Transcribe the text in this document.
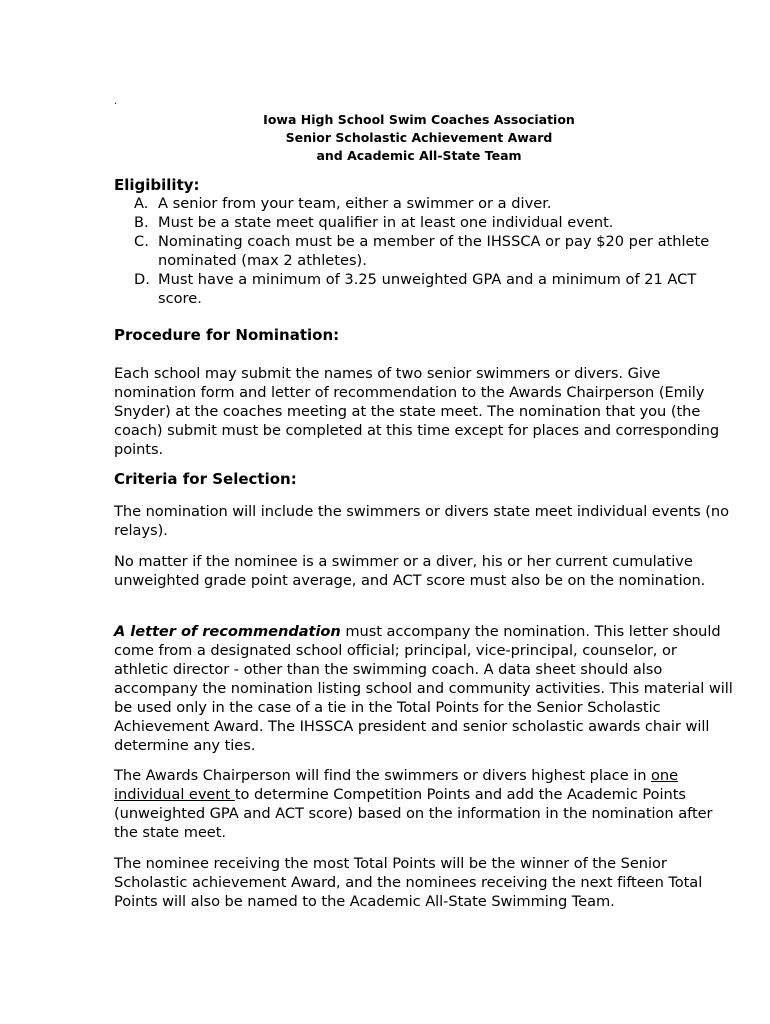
.
Iowa High School Swim Coaches Association
Senior Scholastic Achievement Award
and Academic All-State Team
Eligibility:
A. A senior from your team, either a swimmer or a diver.
B. Must be a state meet qualifier in at least one individual event.
C. Nominating coach must be a member of the IHSSCA or pay $20 per athlete nominated (max 2 athletes).
D. Must have a minimum of 3.25 unweighted GPA and a minimum of 21 ACT score.
Procedure for Nomination:
Each school may submit the names of two senior swimmers or divers. Give nomination form and letter of recommendation to the Awards Chairperson (Emily Snyder) at the coaches meeting at the state meet. The nomination that you (the coach) submit must be completed at this time except for places and corresponding points.
Criteria for Selection:
The nomination will include the swimmers or divers state meet individual events (no relays).
No matter if the nominee is a swimmer or a diver, his or her current cumulative unweighted grade point average, and ACT score must also be on the nomination.
A letter of recommendation must accompany the nomination. This letter should come from a designated school official; principal, vice-principal, counselor, or athletic director - other than the swimming coach. A data sheet should also accompany the nomination listing school and community activities. This material will be used only in the case of a tie in the Total Points for the Senior Scholastic Achievement Award. The IHSSCA president and senior scholastic awards chair will determine any ties.
The Awards Chairperson will find the swimmers or divers highest place in one individual event to determine Competition Points and add the Academic Points (unweighted GPA and ACT score) based on the information in the nomination after the state meet.
The nominee receiving the most Total Points will be the winner of the Senior Scholastic achievement Award, and the nominees receiving the next fifteen Total Points will also be named to the Academic All-State Swimming Team.
